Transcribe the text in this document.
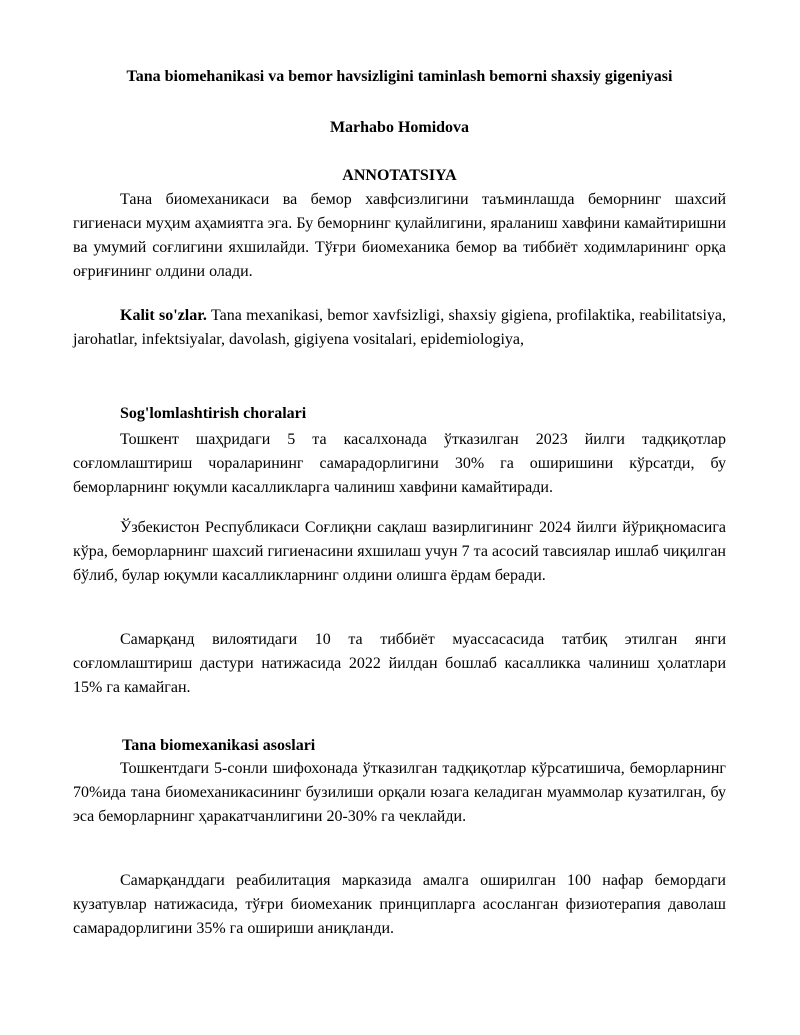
Tana biomehanikasi va bemor havsizligini taminlash bemorni shaxsiy gigeniyasi
Marhabo Homidova
ANNOTATSIYA
Тана биомеханикаси ва бемор хавфсизлигини таъминлашда беморнинг шахсий гигиенаси муҳим аҳамиятга эга. Бу беморнинг қулайлигини, яраланиш хавфини камайтиришни ва умумий соғлигини яхшилайди. Тўғри биомеханика бемор ва тиббиёт ходимларининг орқа оғриғининг олдини олади.
Kalit so'zlar. Tana mexanikasi, bemor xavfsizligi, shaxsiy gigiena, profilaktika, reabilitatsiya, jarohatlar, infektsiyalar, davolash, gigiyena vositalari, epidemiologiya,
Sog'lomlashtirish choralari
Тошкент шаҳридаги 5 та касалхонада ўтказилган 2023 йилги тадқиқотлар соғломлаштириш чораларининг самарадорлигини 30% га оширишини кўрсатди, бу беморларнинг юқумли касалликларга чалиниш хавфини камайтиради.
Ўзбекистон Республикаси Соғлиқни сақлаш вазирлигининг 2024 йилги йўриқномасига кўра, беморларнинг шахсий гигиенасини яхшилаш учун 7 та асосий тавсиялар ишлаб чиқилган бўлиб, булар юқумли касалликларнинг олдини олишга ёрдам беради.
Самарқанд вилоятидаги 10 та тиббиёт муассасасида татбиқ этилган янги соғломлаштириш дастури натижасида 2022 йилдан бошлаб касалликка чалиниш ҳолатлари 15% га камайган.
Tana biomexanikasi asoslari
Тошкентдаги 5-сонли шифохонада ўтказилган тадқиқотлар кўрсатишича, беморларнинг 70%ида тана биомеханикасининг бузилиши орқали юзага келадиган муаммолар кузатилган, бу эса беморларнинг ҳаракатчанлигини 20-30% га чеклайди.
Самарқанддаги реабилитация марказида амалга оширилган 100 нафар бемордаги кузатувлар натижасида, тўғри биомеханик принципларга асосланган физиотерапия даволаш самарадорлигини 35% га ошириши аниқланди.
